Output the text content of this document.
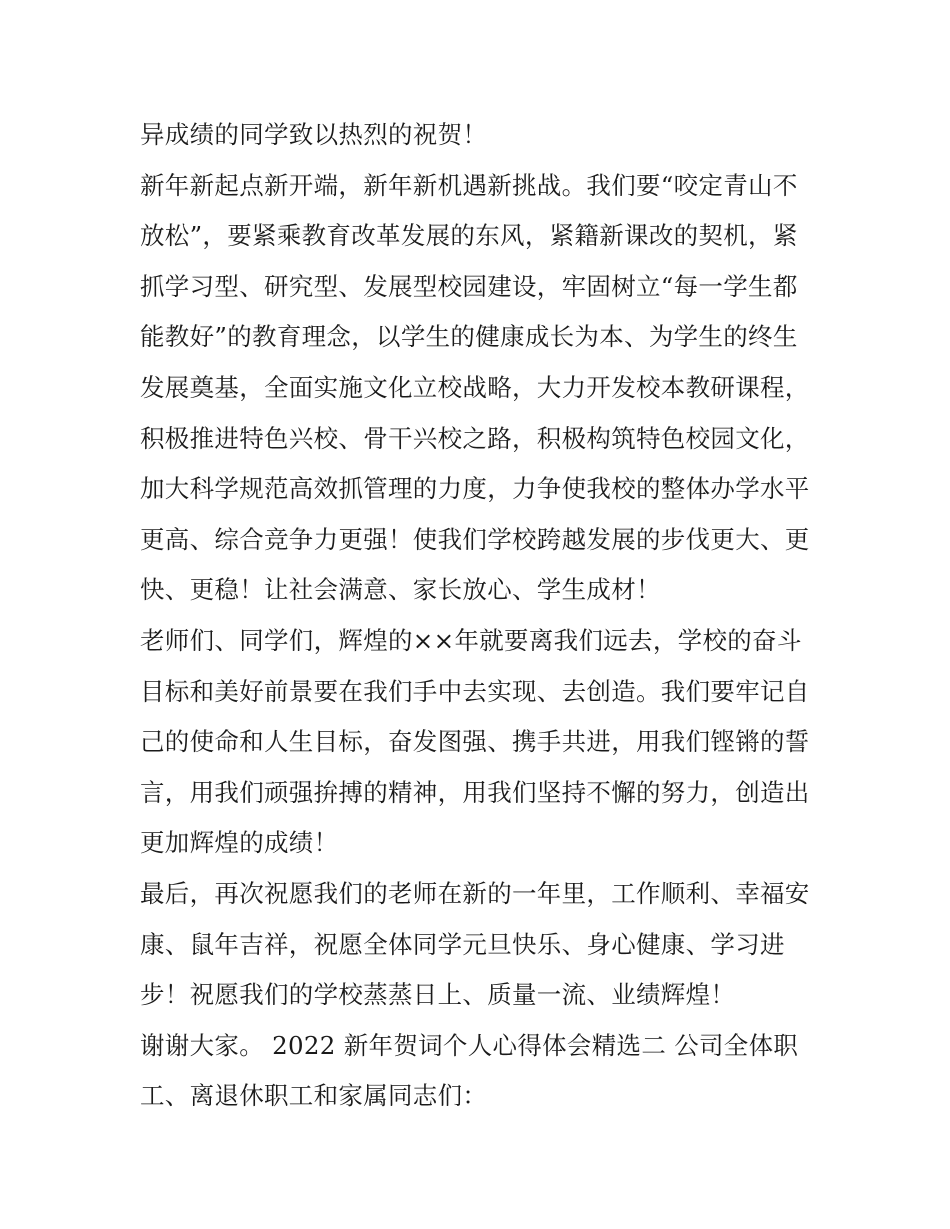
异成绩的同学致以热烈的祝贺！
新年新起点新开端，新年新机遇新挑战。我们要“咬定青山不
放松”，要紧乘教育改革发展的东风，紧籍新课改的契机，紧
抓学习型、研究型、发展型校园建设，牢固树立“每一学生都
能教好”的教育理念，以学生的健康成长为本、为学生的终生
发展奠基，全面实施文化立校战略，大力开发校本教研课程，
积极推进特色兴校、骨干兴校之路，积极构筑特色校园文化，
加大科学规范高效抓管理的力度，力争使我校的整体办学水平
更高、综合竞争力更强！使我们学校跨越发展的步伐更大、更
快、更稳！让社会满意、家长放心、学生成材！
老师们、同学们，辉煌的××年就要离我们远去，学校的奋斗
目标和美好前景要在我们手中去实现、去创造。我们要牢记自
己的使命和人生目标，奋发图强、携手共进，用我们铿锵的誓
言，用我们顽强拚搏的精神，用我们坚持不懈的努力，创造出
更加辉煌的成绩！
最后，再次祝愿我们的老师在新的一年里，工作顺利、幸福安
康、鼠年吉祥，祝愿全体同学元旦快乐、身心健康、学习进
步！祝愿我们的学校蒸蒸日上、质量一流、业绩辉煌！
谢谢大家。 2022 新年贺词个人心得体会精选二 公司全体职
工、离退休职工和家属同志们：
